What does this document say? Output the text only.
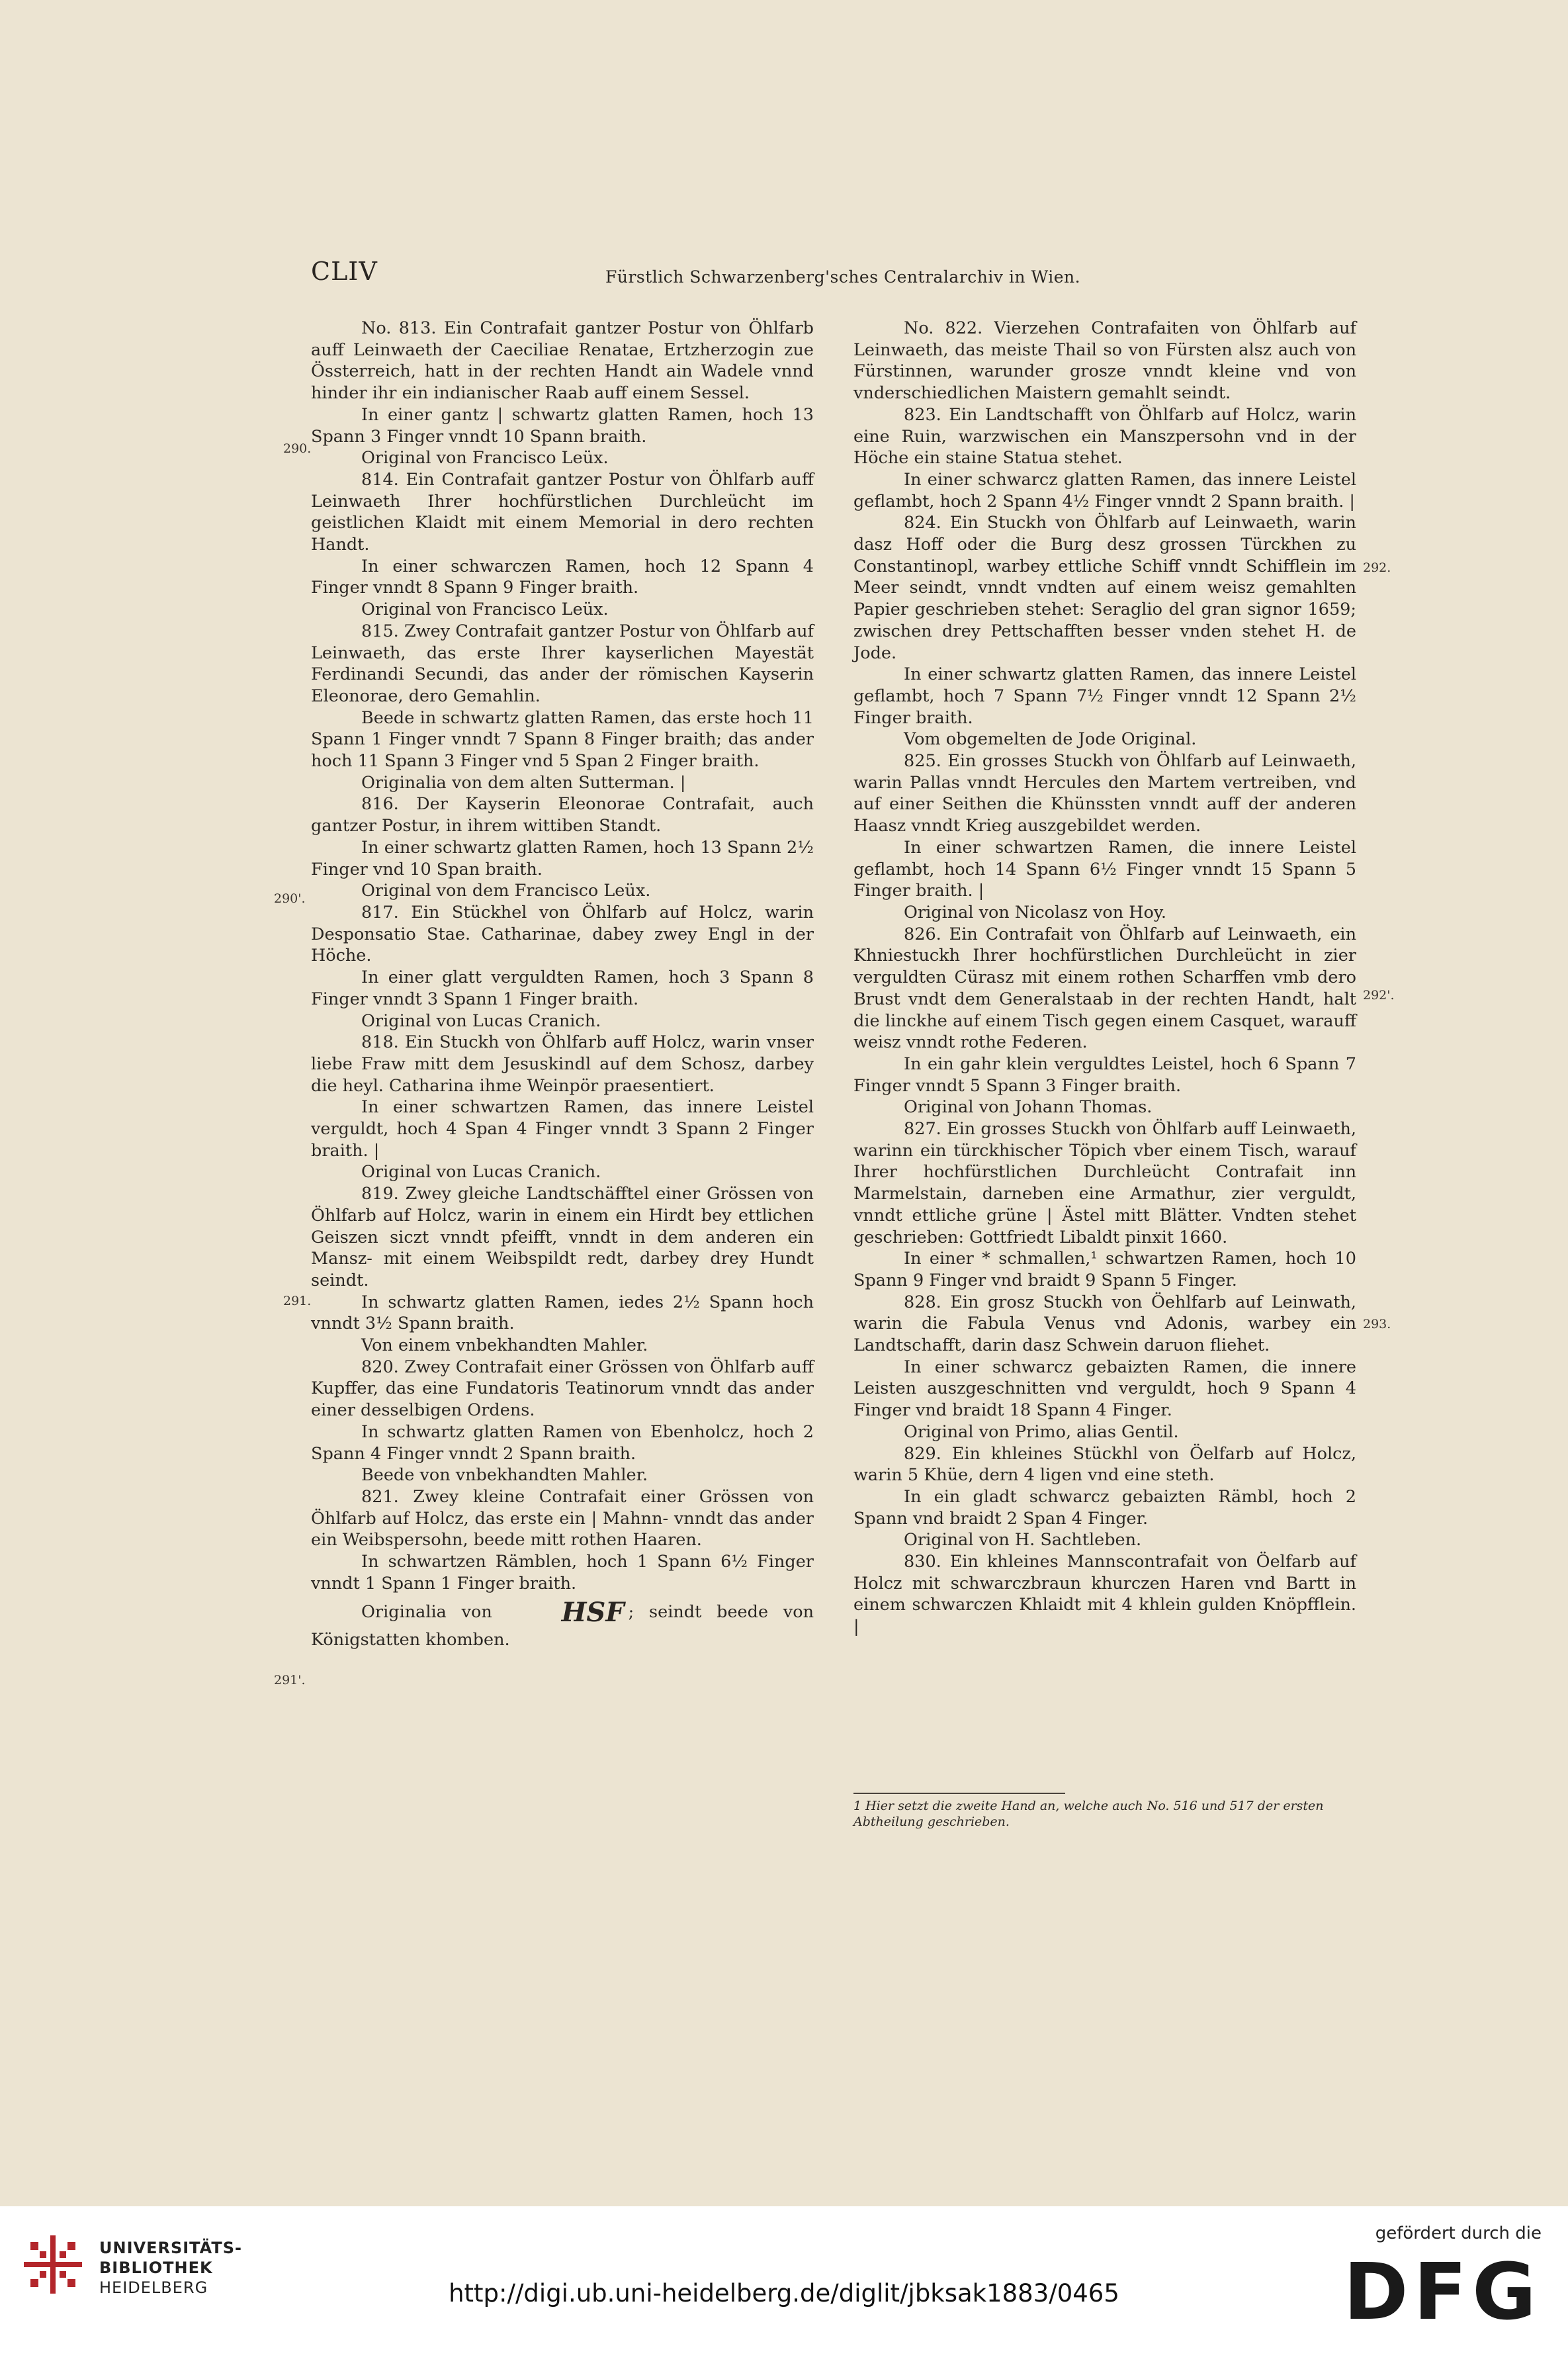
CLIV	Fürstlich Schwarzenberg'sches Centralarchiv in Wien.

No. 813. Ein Contrafait gantzer Postur von Öhlfarb auff Leinwaeth der Caeciliae Renatae, Ertzherzogin zue Össterreich, hatt in der rechten Handt ain Wadele vnnd hinder ihr ein indianischer Raab auff einem Sessel.

In einer gantz | schwartz glatten Ramen, hoch 13 Spann 3 Finger vnndt 10 Spann braith.

Original von Francisco Leüx.

814. Ein Contrafait gantzer Postur von Öhlfarb auff Leinwaeth Ihrer hochfürstlichen Durchleücht im geistlichen Klaidt mit einem Memorial in dero rechten Handt.

In einer schwarczen Ramen, hoch 12 Spann 4 Finger vnndt 8 Spann 9 Finger braith.

Original von Francisco Leüx.

815. Zwey Contrafait gantzer Postur von Öhlfarb auf Leinwaeth, das erste Ihrer kayserlichen Mayestät Ferdinandi Secundi, das ander der römischen Kayserin Eleonorae, dero Gemahlin.

Beede in schwartz glatten Ramen, das erste hoch 11 Spann 1 Finger vnndt 7 Spann 8 Finger braith; das ander hoch 11 Spann 3 Finger vnd 5 Span 2 Finger braith.

Originalia von dem alten Sutterman. |

816. Der Kayserin Eleonorae Contrafait, auch gantzer Postur, in ihrem wittiben Standt.

In einer schwartz glatten Ramen, hoch 13 Spann 2½ Finger vnd 10 Span braith.

Original von dem Francisco Leüx.

817. Ein Stückhel von Öhlfarb auf Holcz, warin Desponsatio Stae. Catharinae, dabey zwey Engl in der Höche.

In einer glatt verguldten Ramen, hoch 3 Spann 8 Finger vnndt 3 Spann 1 Finger braith.

Original von Lucas Cranich.

818. Ein Stuckh von Öhlfarb auff Holcz, warin vnser liebe Fraw mitt dem Jesuskindl auf dem Schosz, darbey die heyl. Catharina ihme Weinpör praesentiert.

In einer schwartzen Ramen, das innere Leistel verguldt, hoch 4 Span 4 Finger vnndt 3 Spann 2 Finger braith. |

Original von Lucas Cranich.

819. Zwey gleiche Landtschäfftel einer Grössen von Öhlfarb auf Holcz, warin in einem ein Hirdt bey ettlichen Geiszen siczt vnndt pfeifft, vnndt in dem anderen ein Mansz- mit einem Weibspildt redt, darbey drey Hundt seindt.

In schwartz glatten Ramen, iedes 2½ Spann hoch vnndt 3½ Spann braith.

Von einem vnbekhandten Mahler.

820. Zwey Contrafait einer Grössen von Öhlfarb auff Kupffer, das eine Fundatoris Teatinorum vnndt das ander einer desselbigen Ordens.

In schwartz glatten Ramen von Ebenholcz, hoch 2 Spann 4 Finger vnndt 2 Spann braith.

Beede von vnbekhandten Mahler.

821. Zwey kleine Contrafait einer Grössen von Öhlfarb auf Holcz, das erste ein | Mahnn- vnndt das ander ein Weibspersohn, beede mitt rothen Haaren.

In schwartzen Rämblen, hoch 1 Spann 6½ Finger vnndt 1 Spann 1 Finger braith.

Originalia von	HSF ; seindt beede von Königstatten khomben.

No. 822. Vierzehen Contrafaiten von Öhlfarb auf Leinwaeth, das meiste Thail so von Fürsten alsz auch von Fürstinnen, warunder grosze vnndt kleine vnd von vnderschiedlichen Maistern gemahlt seindt.

823. Ein Landtschafft von Öhlfarb auf Holcz, warin eine Ruin, warzwischen ein Manszpersohn vnd in der Höche ein staine Statua stehet.

In einer schwarcz glatten Ramen, das innere Leistel geflambt, hoch 2 Spann 4½ Finger vnndt 2 Spann braith. |

824. Ein Stuckh von Öhlfarb auf Leinwaeth, warin dasz Hoff oder die Burg desz grossen Türckhen zu Constantinopl, warbey ettliche Schiff vnndt Schifflein im Meer seindt, vnndt vndten auf einem weisz gemahlten Papier geschrieben stehet: Seraglio del gran signor 1659; zwischen drey Pettschafften besser vnden stehet H. de Jode.

In einer schwartz glatten Ramen, das innere Leistel geflambt, hoch 7 Spann 7½ Finger vnndt 12 Spann 2½ Finger braith.

Vom obgemelten de Jode Original.

825. Ein grosses Stuckh von Öhlfarb auf Leinwaeth, warin Pallas vnndt Hercules den Martem vertreiben, vnd auf einer Seithen die Khünssten vnndt auff der anderen Haasz vnndt Krieg auszgebildet werden.

In einer schwartzen Ramen, die innere Leistel geflambt, hoch 14 Spann 6½ Finger vnndt 15 Spann 5 Finger braith. |

Original von Nicolasz von Hoy.

826. Ein Contrafait von Öhlfarb auf Leinwaeth, ein Khniestuckh Ihrer hochfürstlichen Durchleücht in zier verguldten Cürasz mit einem rothen Scharffen vmb dero Brust vndt dem Generalstaab in der rechten Handt, halt die linckhe auf einem Tisch gegen einem Casquet, warauff weisz vnndt rothe Federen.

In ein gahr klein verguldtes Leistel, hoch 6 Spann 7 Finger vnndt 5 Spann 3 Finger braith.

Original von Johann Thomas.

827. Ein grosses Stuckh von Öhlfarb auff Leinwaeth, warinn ein türckhischer Töpich vber einem Tisch, warauf Ihrer hochfürstlichen Durchleücht Contrafait inn Marmelstain, darneben eine Armathur, zier verguldt, vnndt ettliche grüne | Ästel mitt Blätter. Vndten stehet geschrieben: Gottfriedt Libaldt pinxit 1660.

In einer * schmallen,¹ schwartzen Ramen, hoch 10 Spann 9 Finger vnd braidt 9 Spann 5 Finger.

828. Ein grosz Stuckh von Öehlfarb auf Leinwath, warin die Fabula Venus vnd Adonis, warbey ein Landtschafft, darin dasz Schwein daruon fliehet.

In einer schwarcz gebaizten Ramen, die innere Leisten auszgeschnitten vnd verguldt, hoch 9 Spann 4 Finger vnd braidt 18 Spann 4 Finger.

Original von Primo, alias Gentil.

829. Ein khleines Stückhl von Öelfarb auf Holcz, warin 5 Khüe, dern 4 ligen vnd eine steth.

In ein gladt schwarcz gebaizten Rämbl, hoch 2 Spann vnd braidt 2 Span 4 Finger.

Original von H. Sachtleben.

830. Ein khleines Mannscontrafait von Öelfarb auf Holcz mit schwarczbraun khurczen Haren vnd Bartt in einem schwarczen Khlaidt mit 4 khlein gulden Knöpfflein. |

290.
290'.
291.
291'.
292.
292'.
293.
1 Hier setzt die zweite Hand an, welche auch No. 516 und 517 der ersten Abtheilung geschrieben.
UNIVERSITÄTS-
BIBLIOTHEK
HEIDELBERG	http://digi.ub.uni-heidelberg.de/diglit/jbksak1883/0465
gefördert durch die
DFG
